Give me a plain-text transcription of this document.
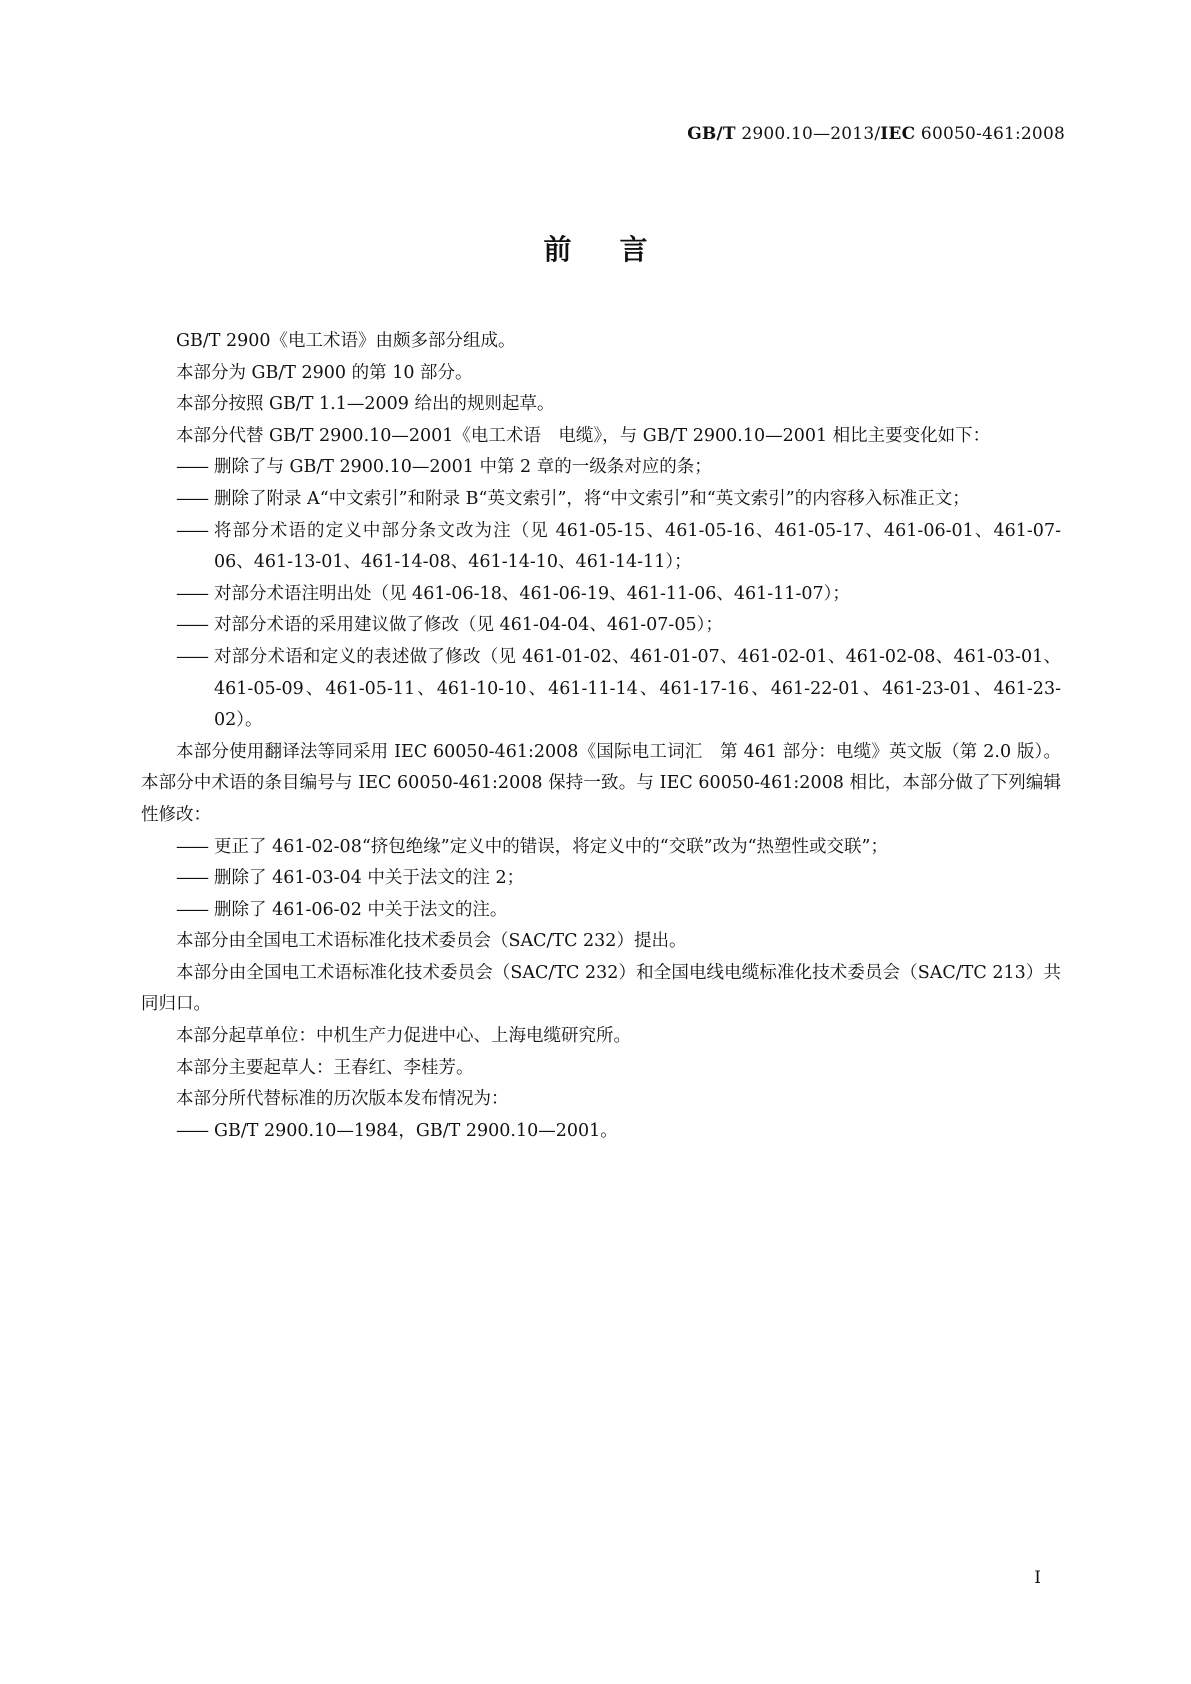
GB/T 2900.10—2013/IEC 60050-461:2008
前言

GB/T 2900《电工术语》由颇多部分组成。

本部分为 GB/T 2900 的第 10 部分。

本部分按照 GB/T 1.1—2009 给出的规则起草。

本部分代替 GB/T 2900.10—2001《电工术语　电缆》，与 GB/T 2900.10—2001 相比主要变化如下：

—— 删除了与 GB/T 2900.10—2001 中第 2 章的一级条对应的条；
—— 删除了附录 A“中文索引”和附录 B“英文索引”，将“中文索引”和“英文索引”的内容移入标准正文；
—— 将部分术语的定义中部分条文改为注（见 461-05-15、461-05-16、461-05-17、461-06-01、461-07-06、461-13-01、461-14-08、461-14-10、461-14-11）；
—— 对部分术语注明出处（见 461-06-18、461-06-19、461-11-06、461-11-07）；
—— 对部分术语的采用建议做了修改（见 461-04-04、461-07-05）；
—— 对部分术语和定义的表述做了修改（见 461-01-02、461-01-07、461-02-01、461-02-08、461-03-01、461-05-09、461-05-11、461-10-10、461-11-14、461-17-16、461-22-01、461-23-01、461-23-02）。

本部分使用翻译法等同采用 IEC 60050-461:2008《国际电工词汇　第 461 部分：电缆》英文版（第 2.0 版）。本部分中术语的条目编号与 IEC 60050-461:2008 保持一致。与 IEC 60050-461:2008 相比，本部分做了下列编辑性修改：

—— 更正了 461-02-08“挤包绝缘”定义中的错误，将定义中的“交联”改为“热塑性或交联”；
—— 删除了 461-03-04 中关于法文的注 2；
—— 删除了 461-06-02 中关于法文的注。

本部分由全国电工术语标准化技术委员会（SAC/TC 232）提出。

本部分由全国电工术语标准化技术委员会（SAC/TC 232）和全国电线电缆标准化技术委员会（SAC/TC 213）共同归口。

本部分起草单位：中机生产力促进中心、上海电缆研究所。

本部分主要起草人：王春红、李桂芳。

本部分所代替标准的历次版本发布情况为：

—— GB/T 2900.10—1984，GB/T 2900.10—2001。
I
